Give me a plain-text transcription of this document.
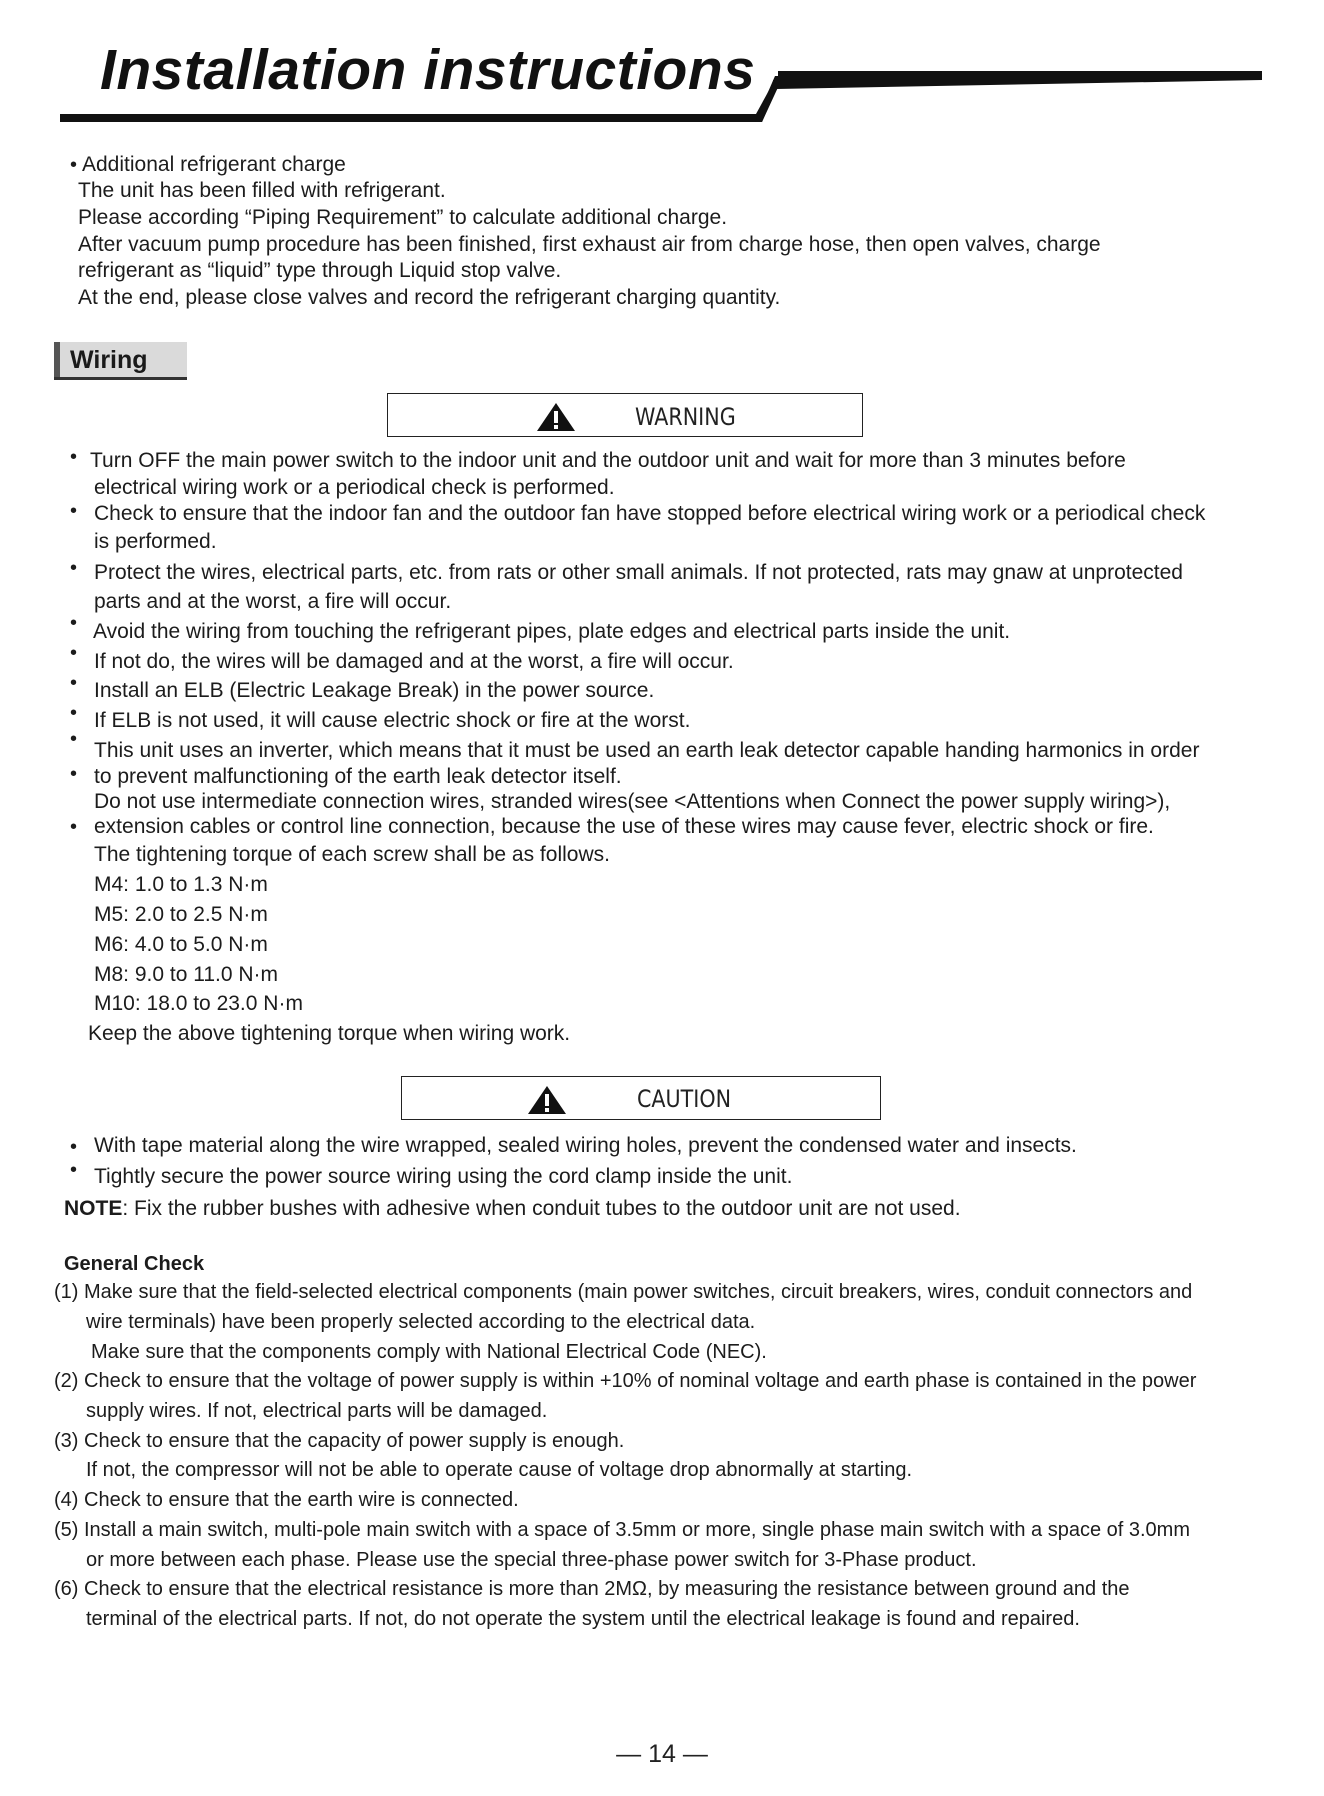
Installation instructions
• Additional refrigerant charge
The unit has been filled with refrigerant.
Please according “Piping Requirement” to calculate additional charge.
After vacuum pump procedure has been finished, first exhaust air from charge hose, then open valves, charge
refrigerant as “liquid” type through Liquid stop valve.
At the end, please close valves and record the refrigerant charging quantity.
Wiring
WARNING
• Turn OFF the main power switch to the indoor unit and the outdoor unit and wait for more than 3 minutes before
electrical wiring work or a periodical check is performed.
• Check to ensure that the indoor fan and the outdoor fan have stopped before electrical wiring work or a periodical check
is performed.
• Protect the wires, electrical parts, etc. from rats or other small animals. If not protected, rats may gnaw at unprotected
parts and at the worst, a fire will occur.
• Avoid the wiring from touching the refrigerant pipes, plate edges and electrical parts inside the unit.
• If not do, the wires will be damaged and at the worst, a fire will occur.
• Install an ELB (Electric Leakage Break) in the power source.
• If ELB is not used, it will cause electric shock or fire at the worst.
• This unit uses an inverter, which means that it must be used an earth leak detector capable handing harmonics in order
• to prevent malfunctioning of the earth leak detector itself.
Do not use intermediate connection wires, stranded wires(see <Attentions when Connect the power supply wiring>),
• extension cables or control line connection, because the use of these wires may cause fever, electric shock or fire.
The tightening torque of each screw shall be as follows.
M4: 1.0 to 1.3 N·m
M5: 2.0 to 2.5 N·m
M6: 4.0 to 5.0 N·m
M8: 9.0 to 11.0 N·m
M10: 18.0 to 23.0 N·m
Keep the above tightening torque when wiring work.
CAUTION
• With tape material along the wire wrapped, sealed wiring holes, prevent the condensed water and insects.
• Tightly secure the power source wiring using the cord clamp inside the unit.
NOTE: Fix the rubber bushes with adhesive when conduit tubes to the outdoor unit are not used.
General Check
(1) Make sure that the field-selected electrical components (main power switches, circuit breakers, wires, conduit connectors and
wire terminals) have been properly selected according to the electrical data.
Make sure that the components comply with National Electrical Code (NEC).
(2) Check to ensure that the voltage of power supply is within +10% of nominal voltage and earth phase is contained in the power
supply wires. If not, electrical parts will be damaged.
(3) Check to ensure that the capacity of power supply is enough.
If not, the compressor will not be able to operate cause of voltage drop abnormally at starting.
(4) Check to ensure that the earth wire is connected.
(5) Install a main switch, multi-pole main switch with a space of 3.5mm or more, single phase main switch with a space of 3.0mm
or more between each phase. Please use the special three-phase power switch for 3-Phase product.
(6) Check to ensure that the electrical resistance is more than 2MΩ, by measuring the resistance between ground and the
terminal of the electrical parts. If not, do not operate the system until the electrical leakage is found and repaired.
— 14 —
